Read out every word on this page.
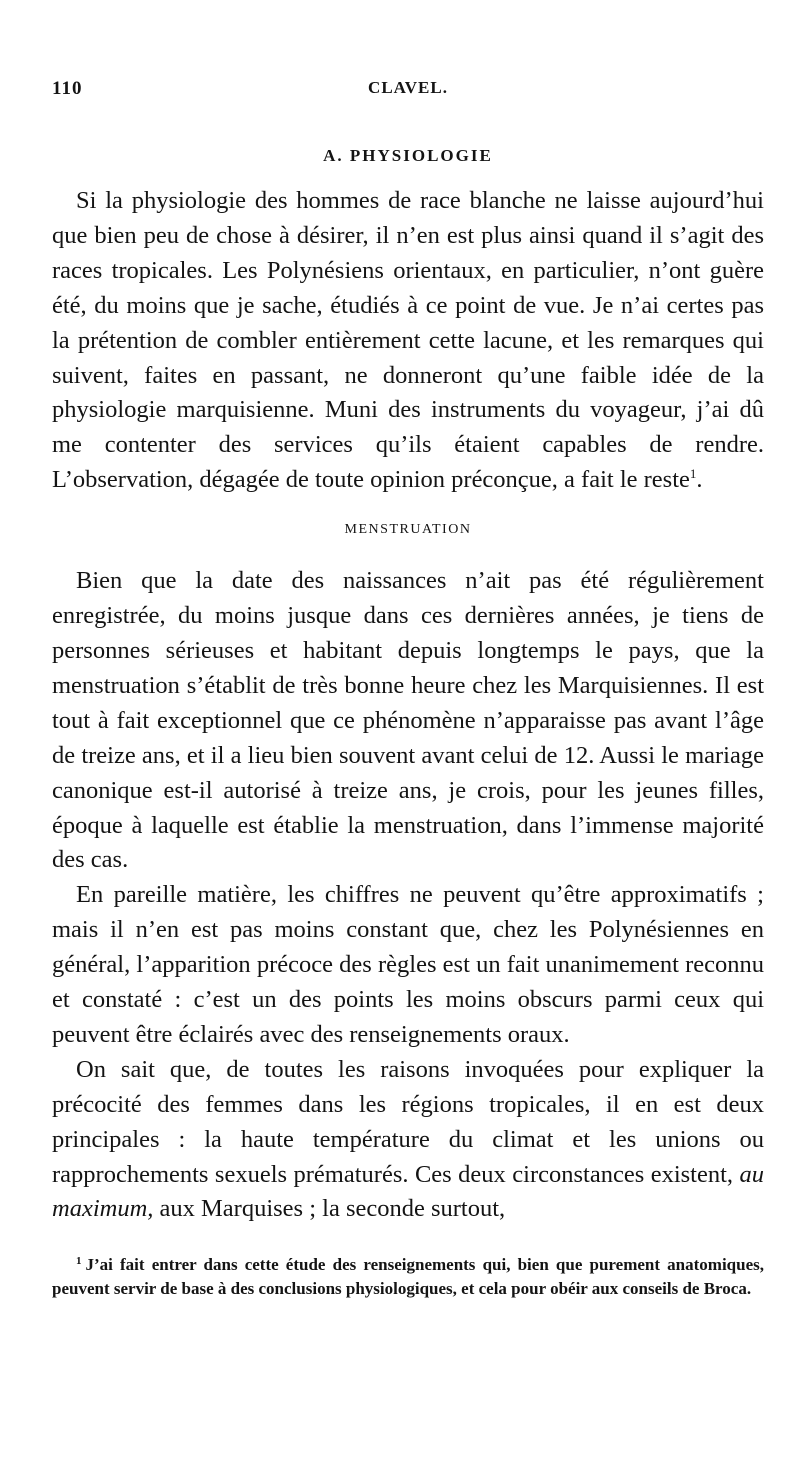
110	CLAVEL.
A. PHYSIOLOGIE

Si la physiologie des hommes de race blanche ne laisse aujourd’hui que bien peu de chose à désirer, il n’en est plus ainsi quand il s’agit des races tropicales. Les Polynésiens orientaux, en particulier, n’ont guère été, du moins que je sache, étudiés à ce point de vue. Je n’ai certes pas la prétention de combler entièrement cette lacune, et les remarques qui suivent, faites en passant, ne donneront qu’une faible idée de la physiologie marquisienne. Muni des instruments du voyageur, j’ai dû me contenter des services qu’ils étaient capables de rendre. L’observation, dégagée de toute opinion préconçue, a fait le reste$^1$.

MENSTRUATION

Bien que la date des naissances n’ait pas été régulièrement enregistrée, du moins jusque dans ces dernières années, je tiens de personnes sérieuses et habitant depuis longtemps le pays, que la menstruation s’établit de très bonne heure chez les Marquisiennes. Il est tout à fait exceptionnel que ce phénomène n’apparaisse pas avant l’âge de treize ans, et il a lieu bien souvent avant celui de 12. Aussi le mariage canonique est-il autorisé à treize ans, je crois, pour les jeunes filles, époque à laquelle est établie la menstruation, dans l’immense majorité des cas.

En pareille matière, les chiffres ne peuvent qu’être approximatifs ; mais il n’en est pas moins constant que, chez les Polynésiennes en général, l’apparition précoce des règles est un fait unanimement reconnu et constaté : c’est un des points les moins obscurs parmi ceux qui peuvent être éclairés avec des renseignements oraux.

On sait que, de toutes les raisons invoquées pour expliquer la précocité des femmes dans les régions tropicales, il en est deux principales : la haute température du climat et les unions ou rapprochements sexuels prématurés. Ces deux circonstances existent, au maximum, aux Marquises ; la seconde surtout,

$^1$ J’ai fait entrer dans cette étude des renseignements qui, bien que purement anatomiques, peuvent servir de base à des conclusions physiologiques, et cela pour obéir aux conseils de Broca.
